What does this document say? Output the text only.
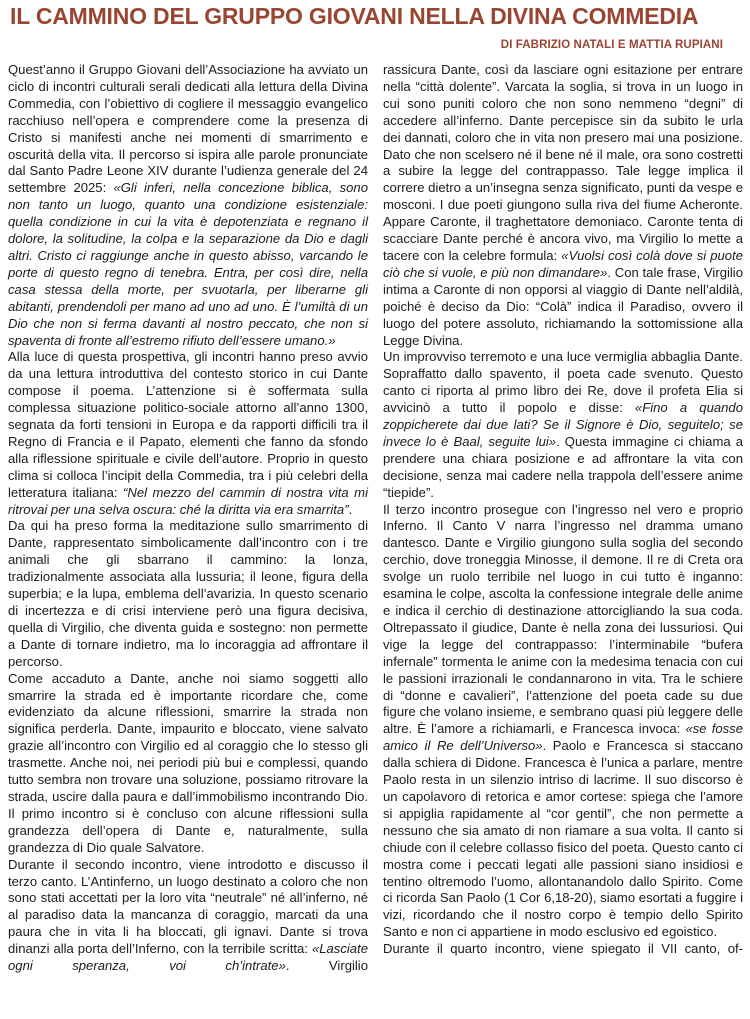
IL CAMMINO DEL GRUPPO GIOVANI NELLA DIVINA COMMEDIA
DI FABRIZIO NATALI E MATTIA RUPIANI

Quest’anno il Gruppo Giovani dell’Associazione ha avviato un ciclo di incontri culturali serali dedicati alla lettura della Divina Commedia, con l’obiettivo di cogliere il messaggio evangelico racchiuso nell’opera e comprendere come la presenza di Cristo si manifesti anche nei momenti di smarrimento e oscurità della vita. Il percorso si ispira alle parole pronunciate dal Santo Padre Leone XIV durante l’udienza generale del 24 settembre 2025: «Gli inferi, nella concezione biblica, sono non tanto un luogo, quanto una condizione esistenziale: quella condizione in cui la vita è depotenziata e regnano il dolore, la solitudine, la colpa e la separazione da Dio e dagli altri. Cristo ci raggiunge anche in questo abisso, varcando le porte di questo regno di tenebra. Entra, per così dire, nella casa stessa della morte, per svuotarla, per liberarne gli abitanti, prendendoli per mano ad uno ad uno. È l’umiltà di un Dio che non si ferma davanti al nostro peccato, che non si spaventa di fronte all’estremo rifiuto dell’essere umano.»

Alla luce di questa prospettiva, gli incontri hanno preso avvio da una lettura introduttiva del contesto storico in cui Dante compose il poema. L’attenzione si è soffermata sulla complessa situazione politico-sociale attorno all’anno 1300, segnata da forti tensioni in Europa e da rapporti difficili tra il Regno di Francia e il Papato, elementi che fanno da sfondo alla riflessione spirituale e civile dell’autore. Proprio in questo clima si colloca l’incipit della Commedia, tra i più celebri della letteratura italiana: “Nel mezzo del cammin di nostra vita mi ritrovai per una selva oscura: ché la diritta via era smarrita”.

Da qui ha preso forma la meditazione sullo smarrimento di Dante, rappresentato simbolicamente dall’incontro con i tre animali che gli sbarrano il cammino: la lonza, tradizionalmente associata alla lussuria; il leone, figura della superbia; e la lupa, emblema dell’avarizia. In questo scenario di incertezza e di crisi interviene però una figura decisiva, quella di Virgilio, che diventa guida e sostegno: non permette a Dante di tornare indietro, ma lo incoraggia ad affrontare il percorso.

Come accaduto a Dante, anche noi siamo soggetti allo smarrire la strada ed è importante ricordare che, come evidenziato da alcune riflessioni, smarrire la strada non significa perderla. Dante, impaurito e bloccato, viene salvato grazie all’incontro con Virgilio ed al coraggio che lo stesso gli trasmette. Anche noi, nei periodi più bui e complessi, quando tutto sembra non trovare una soluzione, possiamo ritrovare la strada, uscire dalla paura e dall’immobilismo incontrando Dio. Il primo incontro si è concluso con alcune riflessioni sulla grandezza dell’opera di Dante e, naturalmente, sulla grandezza di Dio quale Salvatore.

Durante il secondo incontro, viene introdotto e discusso il terzo canto. L’Antinferno, un luogo destinato a coloro che non sono stati accettati per la loro vita “neutrale” né all’inferno, né al paradiso data la mancanza di coraggio, marcati da una paura che in vita li ha bloccati, gli ignavi. Dante si trova dinanzi alla porta dell’Inferno, con la terribile scritta: «Lasciate ogni speranza, voi ch’intrate». Virgilio

rassicura Dante, così da lasciare ogni esitazione per entrare nella “città dolente”. Varcata la soglia, si trova in un luogo in cui sono puniti coloro che non sono nemmeno “degni” di accedere all’inferno. Dante percepisce sin da subito le urla dei dannati, coloro che in vita non presero mai una posizione. Dato che non scelsero né il bene né il male, ora sono costretti a subire la legge del contrappasso. Tale legge implica il correre dietro a un’insegna senza significato, punti da vespe e mosconi. I due poeti giungono sulla riva del fiume Acheronte. Appare Caronte, il traghettatore demoniaco. Caronte tenta di scacciare Dante perché è ancora vivo, ma Virgilio lo mette a tacere con la celebre formula: «Vuolsi così colà dove si puote ciò che si vuole, e più non dimandare». Con tale frase, Virgilio intima a Caronte di non opporsi al viaggio di Dante nell’aldilà, poiché è deciso da Dio: “Colà” indica il Paradiso, ovvero il luogo del potere assoluto, richiamando la sottomissione alla Legge Divina.

Un improvviso terremoto e una luce vermiglia abbaglia Dante. Sopraffatto dallo spavento, il poeta cade svenuto. Questo canto ci riporta al primo libro dei Re, dove il profeta Elia si avvicinò a tutto il popolo e disse: «Fino a quando zoppicherete dai due lati? Se il Signore è Dio, seguitelo; se invece lo è Baal, seguite lui». Questa immagine ci chiama a prendere una chiara posizione e ad affrontare la vita con decisione, senza mai cadere nella trappola dell’essere anime “tiepide”.

Il terzo incontro prosegue con l’ingresso nel vero e proprio Inferno. Il Canto V narra l’ingresso nel dramma umano dantesco. Dante e Virgilio giungono sulla soglia del secondo cerchio, dove troneggia Minosse, il demone. Il re di Creta ora svolge un ruolo terribile nel luogo in cui tutto è inganno: esamina le colpe, ascolta la confessione integrale delle anime e indica il cerchio di destinazione attorcigliando la sua coda. Oltrepassato il giudice, Dante è nella zona dei lussuriosi. Qui vige la legge del contrappasso: l’interminabile “bufera infernale” tormenta le anime con la medesima tenacia con cui le passioni irrazionali le condannarono in vita. Tra le schiere di “donne e cavalieri”, l’attenzione del poeta cade su due figure che volano insieme, e sembrano quasi più leggere delle altre. È l’amore a richiamarli, e Francesca invoca: «se fosse amico il Re dell’Universo». Paolo e Francesca si staccano dalla schiera di Didone. Francesca è l’unica a parlare, mentre Paolo resta in un silenzio intriso di lacrime. Il suo discorso è un capolavoro di retorica e amor cortese: spiega che l’amore si appiglia rapidamente al “cor gentil”, che non permette a nessuno che sia amato di non riamare a sua volta. Il canto si chiude con il celebre collasso fisico del poeta. Questo canto ci mostra come i peccati legati alle passioni siano insidiosi e tentino oltremodo l’uomo, allontanandolo dallo Spirito. Come ci ricorda San Paolo (1 Cor 6,18-20), siamo esortati a fuggire i vizi, ricordando che il nostro corpo è tempio dello Spirito Santo e non ci appartiene in modo esclusivo ed egoistico.

Durante il quarto incontro, viene spiegato il VII canto, of-
